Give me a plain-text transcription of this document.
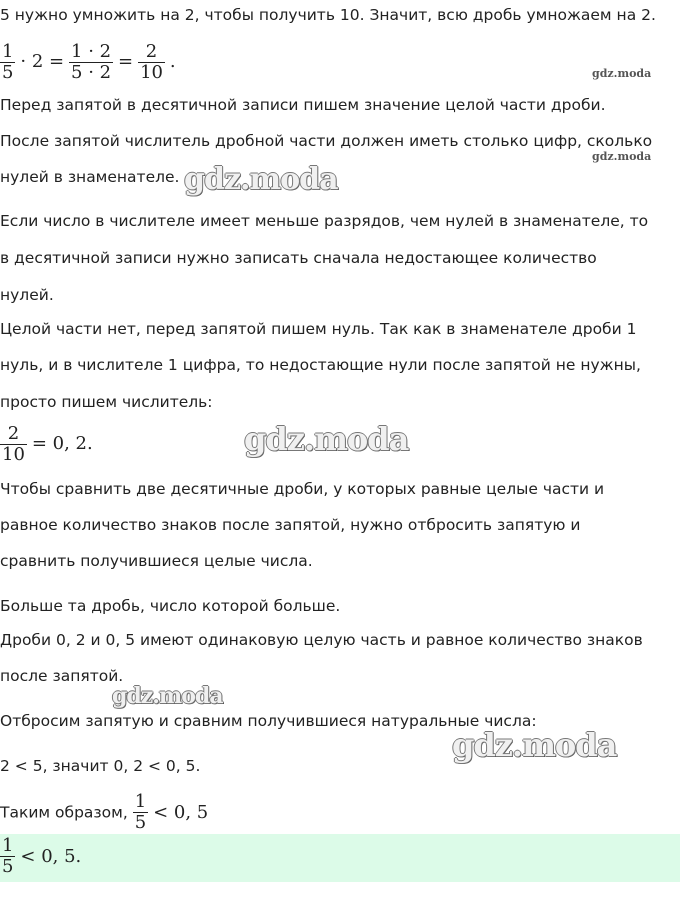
5 нужно умножить на 2, чтобы получить 10. Значит, всю дробь умножаем на 2.
$\frac{1}{5} \cdot 2 = \frac{1 \cdot 2}{5 \cdot 2} = \frac{2}{10}$ .
Перед запятой в десятичной записи пишем значение целой части дроби.
После запятой числитель дробной части должен иметь столько цифр, сколько
нулей в знаменателе.
Если число в числителе имеет меньше разрядов, чем нулей в знаменателе, то
в десятичной записи нужно записать сначала недостающее количество
нулей.
Целой части нет, перед запятой пишем нуль. Так как в знаменателе дроби 1
нуль, и в числителе 1 цифра, то недостающие нули после запятой не нужны,
просто пишем числитель:
$\frac{2}{10} = 0$, 2.
Чтобы сравнить две десятичные дроби, у которых равные целые части и
равное количество знаков после запятой, нужно отбросить запятую и
сравнить получившиеся целые числа.
Больше та дробь, число которой больше.
Дроби 0, 2 и 0, 5 имеют одинаковую целую часть и равное количество знаков
после запятой.
Отбросим запятую и сравним получившиеся натуральные числа:
2 < 5, значит 0, 2 < 0, 5.
Таким образом, $\frac{1}{5} < 0$, 5
$\frac{1}{5} < 0$, 5.
gdz.moda
gdz.moda
gdz.moda
gdz.moda
gdz.moda
gdz.moda
